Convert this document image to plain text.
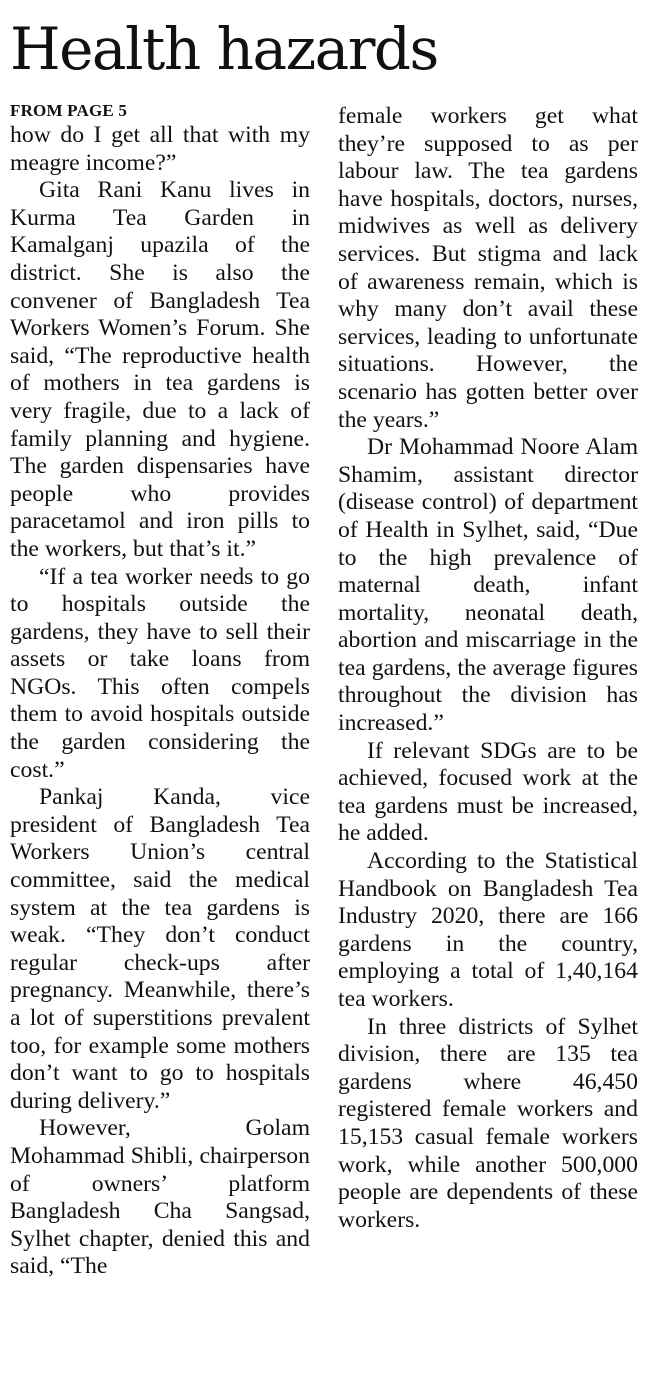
Health hazards
FROM PAGE 5

how do I get all that with my meagre income?”

Gita Rani Kanu lives in Kurma Tea Garden in Kamalganj upazila of the district. She is also the convener of Bangladesh Tea Workers Women’s Forum. She said, “The reproductive health of mothers in tea gardens is very fragile, due to a lack of family planning and hygiene. The garden dispensaries have people who provides paracetamol and iron pills to the workers, but that’s it.”

“If a tea worker needs to go to hospitals outside the gardens, they have to sell their assets or take loans from NGOs. This often compels them to avoid hospitals outside the garden considering the cost.”

Pankaj Kanda, vice president of Bangladesh Tea Workers Union’s central committee, said the medical system at the tea gardens is weak. “They don’t conduct regular check-ups after pregnancy. Meanwhile, there’s a lot of superstitions prevalent too, for example some mothers don’t want to go to hospitals during delivery.”

However, Golam Mohammad Shibli, chairperson of owners’ platform Bangladesh Cha Sangsad, Sylhet chapter, denied this and said, “The

female workers get what they’re supposed to as per labour law. The tea gardens have hospitals, doctors, nurses, midwives as well as delivery services. But stigma and lack of awareness remain, which is why many don’t avail these services, leading to unfortunate situations. However, the scenario has gotten better over the years.”

Dr Mohammad Noore Alam Shamim, assistant director (disease control) of department of Health in Sylhet, said, “Due to the high prevalence of maternal death, infant mortality, neonatal death, abortion and miscarriage in the tea gardens, the average figures throughout the division has increased.”

If relevant SDGs are to be achieved, focused work at the tea gardens must be increased, he added.

According to the Statistical Handbook on Bangladesh Tea Industry 2020, there are 166 gardens in the country, employing a total of 1,40,164 tea workers.

In three districts of Sylhet division, there are 135 tea gardens where 46,450 registered female workers and 15,153 casual female workers work, while another 500,000 people are dependents of these workers.
